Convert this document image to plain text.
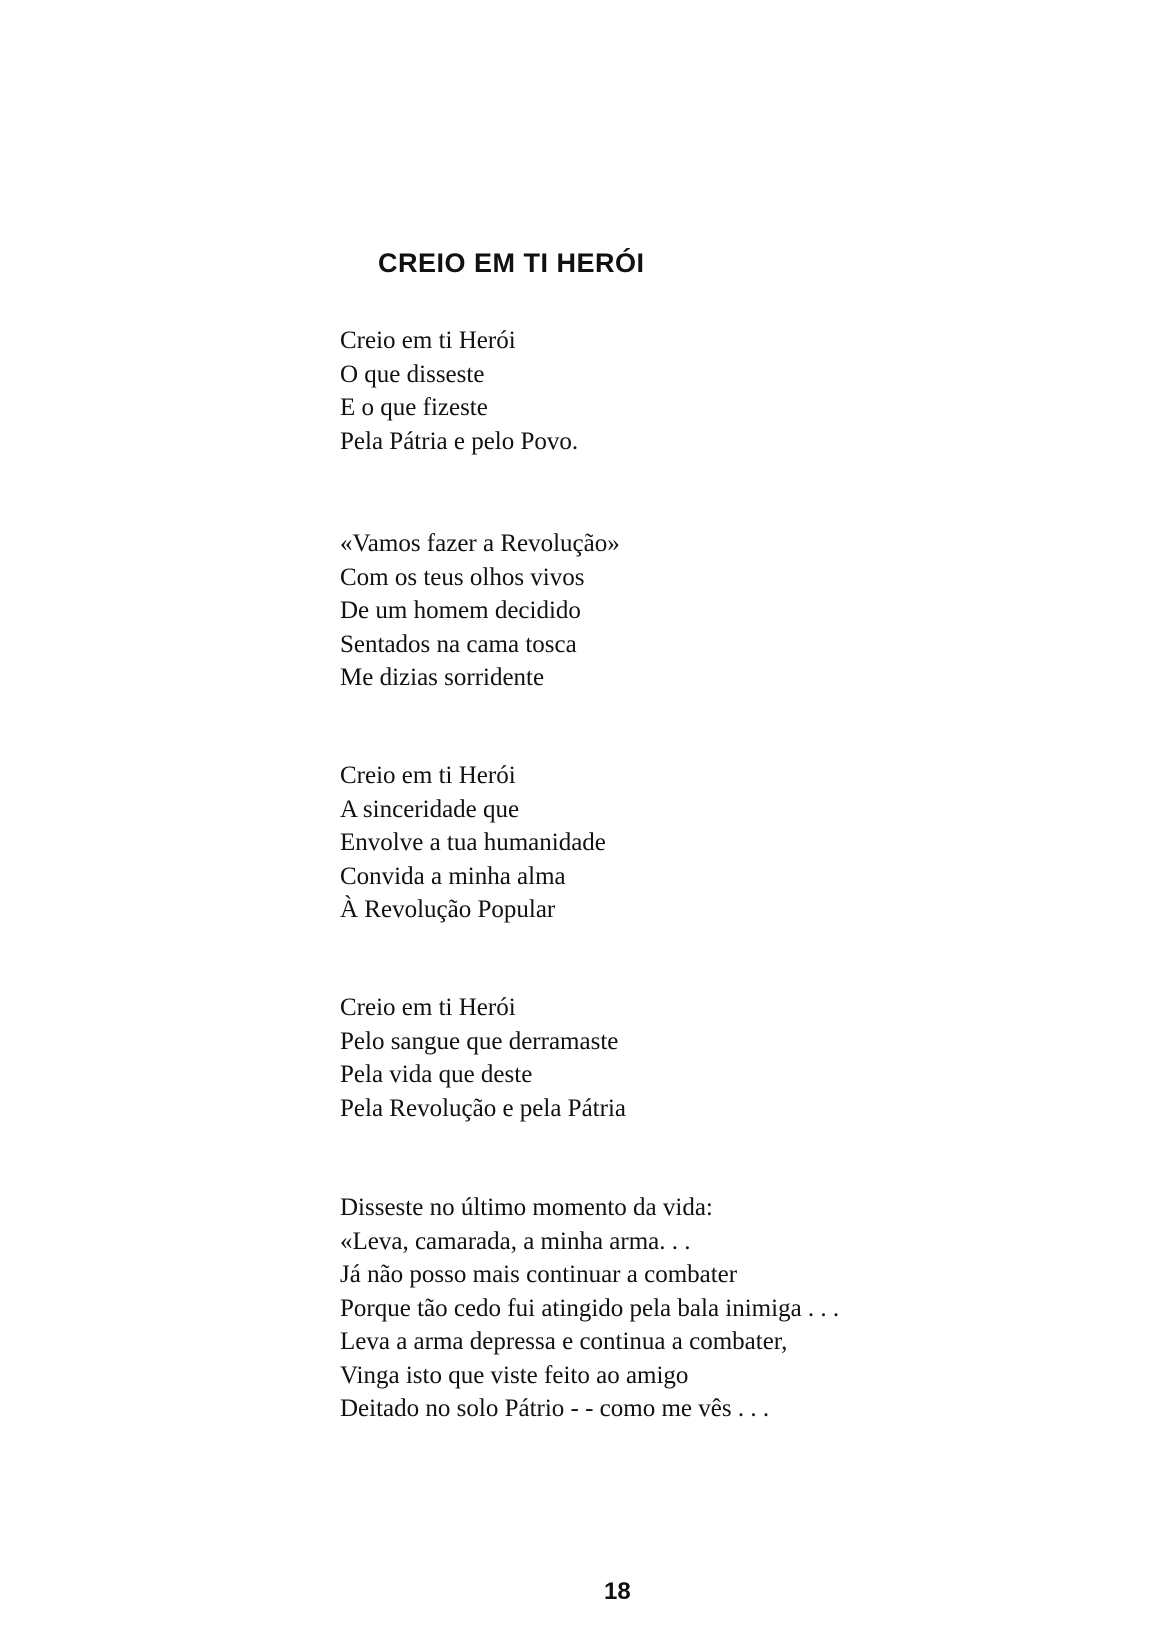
CREIO EM TI HERÓI
Creio em ti Herói
O que disseste
E o que fizeste
Pela Pátria e pelo Povo.
«Vamos fazer a Revolução»
Com os teus olhos vivos
De um homem decidido
Sentados na cama tosca
Me dizias sorridente
Creio em ti Herói
A sinceridade que
Envolve a tua humanidade
Convida a minha alma
À Revolução Popular
Creio em ti Herói
Pelo sangue que derramaste
Pela vida que deste
Pela Revolução e pela Pátria
Disseste no último momento da vida:
«Leva, camarada, a minha arma. . .
Já não posso mais continuar a combater
Porque tão cedo fui atingido pela bala inimiga . . .
Leva a arma depressa e continua a combater,
Vinga isto que viste feito ao amigo
Deitado no solo Pátrio - - como me vês . . .
18
